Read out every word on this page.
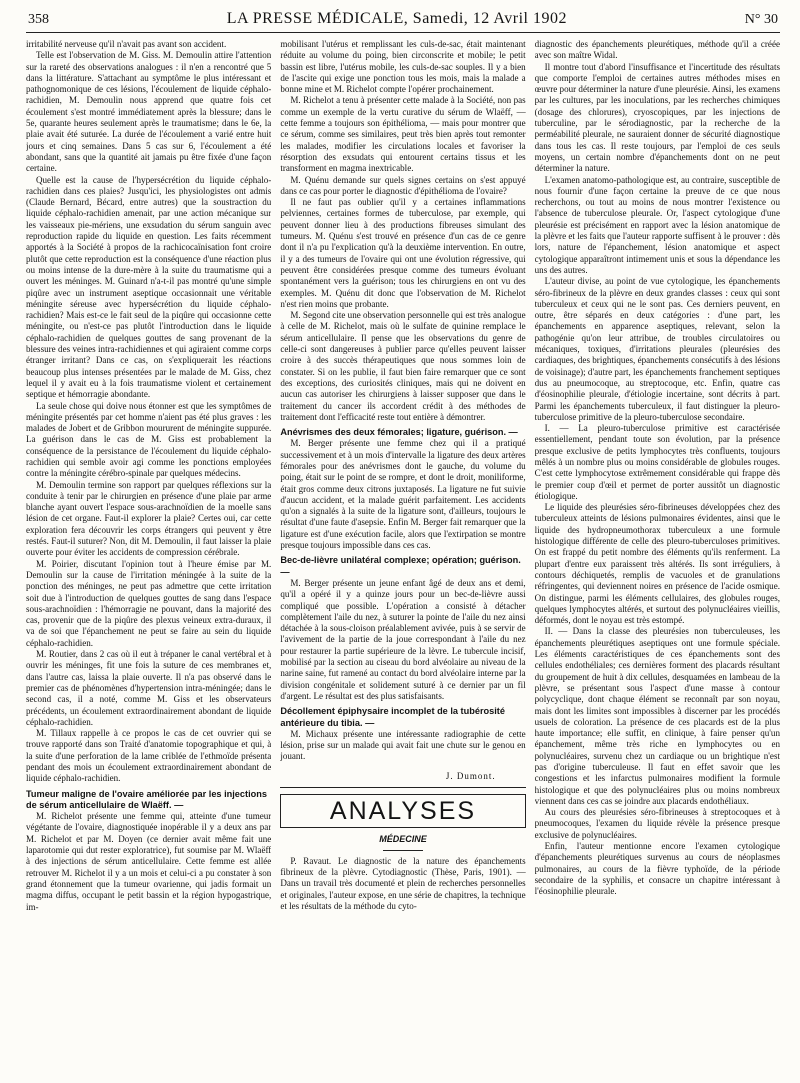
358	LA PRESSE MÉDICALE, Samedi, 12 Avril 1902	N° 30

irritabilité nerveuse qu'il n'avait pas avant son accident.

Telle est l'observation de M. Giss. M. Demoulin attire l'attention sur la rareté des observations analogues : il n'en a rencontré que 5 dans la littérature. S'attachant au symptôme le plus intéressant et pathognomonique de ces lésions, l'écoulement de liquide céphalo-rachidien, M. Demoulin nous apprend que quatre fois cet écoulement s'est montré immédiatement après la blessure; dans le 5e, quarante heures seulement après le traumatisme; dans le 6e, la plaie avait été suturée. La durée de l'écoulement a varié entre huit jours et cinq semaines. Dans 5 cas sur 6, l'écoulement a été abondant, sans que la quantité ait jamais pu être fixée d'une façon certaine.

Quelle est la cause de l'hypersécrétion du liquide céphalo-rachidien dans ces plaies? Jusqu'ici, les physiologistes ont admis (Claude Bernard, Bécard, entre autres) que la soustraction du liquide céphalo-rachidien amenait, par une action mécanique sur les vaisseaux pie-mériens, une exsudation du sérum sanguin avec reproduction rapide du liquide en question. Les faits récemment apportés à la Société à propos de la rachicocaïnisation font croire plutôt que cette reproduction est la conséquence d'une réaction plus ou moins intense de la dure-mère à la suite du traumatisme qui a ouvert les méninges. M. Guinard n'a-t-il pas montré qu'une simple piqûre avec un instrument aseptique occasionnait une véritable méningite séreuse avec hypersécrétion du liquide céphalo-rachidien? Mais est-ce le fait seul de la piqûre qui occasionne cette méningite, ou n'est-ce pas plutôt l'introduction dans le liquide céphalo-rachidien de quelques gouttes de sang provenant de la blessure des veines intra-rachidiennes et qui agiraient comme corps étranger irritant? Dans ce cas, on s'expliquerait les réactions beaucoup plus intenses présentées par le malade de M. Giss, chez lequel il y avait eu à la fois traumatisme violent et certainement septique et hémorragie abondante.

La seule chose qui doive nous étonner est que les symptômes de méningite présentés par cet homme n'aient pas été plus graves : les malades de Jobert et de Gribbon moururent de méningite suppurée. La guérison dans le cas de M. Giss est probablement la conséquence de la persistance de l'écoulement du liquide céphalo-rachidien qui semble avoir agi comme les ponctions employées contre la méningite cérébro-spinale par quelques médecins.

M. Demoulin termine son rapport par quelques réflexions sur la conduite à tenir par le chirurgien en présence d'une plaie par arme blanche ayant ouvert l'espace sous-arachnoïdien de la moelle sans lésion de cet organe. Faut-il explorer la plaie? Certes oui, car cette exploration fera découvrir les corps étrangers qui peuvent y être restés. Faut-il suturer? Non, dit M. Demoulin, il faut laisser la plaie ouverte pour éviter les accidents de compression cérébrale.

M. Poirier, discutant l'opinion tout à l'heure émise par M. Demoulin sur la cause de l'irritation méningée à la suite de la ponction des méninges, ne peut pas admettre que cette irritation soit due à l'introduction de quelques gouttes de sang dans l'espace sous-arachnoïdien : l'hémorragie ne pouvant, dans la majorité des cas, provenir que de la piqûre des plexus veineux extra-duraux, il va de soi que l'épanchement ne peut se faire au sein du liquide céphalo-rachidien.

M. Routier, dans 2 cas où il eut à trépaner le canal vertébral et à ouvrir les méninges, fit une fois la suture de ces membranes et, dans l'autre cas, laissa la plaie ouverte. Il n'a pas observé dans le premier cas de phénomènes d'hypertension intra-méningée; dans le second cas, il a noté, comme M. Giss et les observateurs précédents, un écoulement extraordinairement abondant de liquide céphalo-rachidien.

M. Tillaux rappelle à ce propos le cas de cet ouvrier qui se trouve rapporté dans son Traité d'anatomie topographique et qui, à la suite d'une perforation de la lame criblée de l'ethmoïde présenta pendant des mois un écoulement extraordinairement abondant de liquide céphalo-rachidien.

Tumeur maligne de l'ovaire améliorée par les injections de sérum anticellulaire de Wlaëff. —

M. Richelot présente une femme qui, atteinte d'une tumeur végétante de l'ovaire, diagnostiquée inopérable il y a deux ans par M. Richelot et par M. Doyen (ce dernier avait même fait une laparotomie qui dut rester exploratrice), fut soumise par M. Wlaëff à des injections de sérum anticellulaire. Cette femme est allée retrouver M. Richelot il y a un mois et celui-ci a pu constater à son grand étonnement que la tumeur ovarienne, qui jadis formait un magma diffus, occupant le petit bassin et la région hypogastrique, im-

mobilisant l'utérus et remplissant les culs-de-sac, était maintenant réduite au volume du poing, bien circonscrite et mobile; le petit bassin est libre, l'utérus mobile, les culs-de-sac souples. Il y a bien de l'ascite qui exige une ponction tous les mois, mais la malade a bonne mine et M. Richelot compte l'opérer prochainement.

M. Richelot a tenu à présenter cette malade à la Société, non pas comme un exemple de la vertu curative du sérum de Wlaëff, — cette femme a toujours son épithélioma, — mais pour montrer que ce sérum, comme ses similaires, peut très bien après tout remonter les malades, modifier les circulations locales et favoriser la résorption des exsudats qui entourent certains tissus et les transforment en magma inextricable.

M. Quénu demande sur quels signes certains on s'est appuyé dans ce cas pour porter le diagnostic d'épithélioma de l'ovaire?

Il ne faut pas oublier qu'il y a certaines inflammations pelviennes, certaines formes de tuberculose, par exemple, qui peuvent donner lieu à des productions fibreuses simulant des tumeurs. M. Quénu s'est trouvé en présence d'un cas de ce genre dont il n'a pu l'explication qu'à la deuxième intervention. En outre, il y a des tumeurs de l'ovaire qui ont une évolution régressive, qui peuvent être considérées presque comme des tumeurs évoluant spontanément vers la guérison; tous les chirurgiens en ont vu des exemples. M. Quénu dit donc que l'observation de M. Richelot n'est rien moins que probante.

M. Segond cite une observation personnelle qui est très analogue à celle de M. Richelot, mais où le sulfate de quinine remplace le sérum anticellulaire. Il pense que les observations du genre de celle-ci sont dangereuses à publier parce qu'elles peuvent laisser croire à des succès thérapeutiques que nous sommes loin de constater. Si on les publie, il faut bien faire remarquer que ce sont des exceptions, des curiosités cliniques, mais qui ne doivent en aucun cas autoriser les chirurgiens à laisser supposer que dans le traitement du cancer ils accordent crédit à des méthodes de traitement dont l'efficacité reste tout entière à démontrer.

Anévrismes des deux fémorales; ligature, guérison. —

M. Berger présente une femme chez qui il a pratiqué successivement et à un mois d'intervalle la ligature des deux artères fémorales pour des anévrismes dont le gauche, du volume du poing, était sur le point de se rompre, et dont le droit, moniliforme, était gros comme deux citrons juxtaposés. La ligature ne fut suivie d'aucun accident, et la malade guérit parfaitement. Les accidents qu'on a signalés à la suite de la ligature sont, d'ailleurs, toujours le résultat d'une faute d'asepsie. Enfin M. Berger fait remarquer que la ligature est d'une exécution facile, alors que l'extirpation se montre presque toujours impossible dans ces cas.

Bec-de-lièvre unilatéral complexe; opération; guérison. —

M. Berger présente un jeune enfant âgé de deux ans et demi, qu'il a opéré il y a quinze jours pour un bec-de-lièvre aussi compliqué que possible. L'opération a consisté à détacher complètement l'aile du nez, à suturer la pointe de l'aile du nez ainsi détachée à la sous-cloison préalablement avivée, puis à se servir de l'avivement de la partie de la joue correspondant à l'aile du nez pour restaurer la partie supérieure de la lèvre. Le tubercule incisif, mobilisé par la section au ciseau du bord alvéolaire au niveau de la narine saine, fut ramené au contact du bord alvéolaire interne par la division congénitale et solidement suturé à ce dernier par un fil d'argent. Le résultat est des plus satisfaisants.

Décollement épiphysaire incomplet de la tubérosité antérieure du tibia. —

M. Michaux présente une intéressante radiographie de cette lésion, prise sur un malade qui avait fait une chute sur le genou en jouant.

J. Dumont.
ANALYSES
MÉDECINE

P. Ravaut. Le diagnostic de la nature des épanchements fibrineux de la plèvre. Cytodiagnostic (Thèse, Paris, 1901). — Dans un travail très documenté et plein de recherches personnelles et originales, l'auteur expose, en une série de chapitres, la technique et les résultats de la méthode du cyto-

diagnostic des épanchements pleurétiques, méthode qu'il a créée avec son maître Widal.

Il montre tout d'abord l'insuffisance et l'incertitude des résultats que comporte l'emploi de certaines autres méthodes mises en œuvre pour déterminer la nature d'une pleurésie. Ainsi, les examens par les cultures, par les inoculations, par les recherches chimiques (dosage des chlorures), cryoscopiques, par les injections de tuberculine, par le sérodiagnostic, par la recherche de la perméabilité pleurale, ne sauraient donner de sécurité diagnostique dans tous les cas. Il reste toujours, par l'emploi de ces seuls moyens, un certain nombre d'épanchements dont on ne peut déterminer la nature.

L'examen anatomo-pathologique est, au contraire, susceptible de nous fournir d'une façon certaine la preuve de ce que nous recherchons, ou tout au moins de nous montrer l'existence ou l'absence de tuberculose pleurale. Or, l'aspect cytologique d'une pleurésie est précisément en rapport avec la lésion anatomique de la plèvre et les faits que l'auteur rapporte suffisent à le prouver : dès lors, nature de l'épanchement, lésion anatomique et aspect cytologique apparaîtront intimement unis et sous la dépendance les uns des autres.

L'auteur divise, au point de vue cytologique, les épanchements séro-fibrineux de la plèvre en deux grandes classes : ceux qui sont tuberculeux et ceux qui ne le sont pas. Ces derniers peuvent, en outre, être séparés en deux catégories : d'une part, les épanchements en apparence aseptiques, relevant, selon la pathogénie qu'on leur attribue, de troubles circulatoires ou mécaniques, toxiques, d'irritations pleurales (pleurésies des cardiaques, des brightiques, épanchements consécutifs à des lésions de voisinage); d'autre part, les épanchements franchement septiques dus au pneumocoque, au streptocoque, etc. Enfin, quatre cas d'éosinophilie pleurale, d'étiologie incertaine, sont décrits à part. Parmi les épanchements tuberculeux, il faut distinguer la pleuro-tuberculose primitive de la pleuro-tuberculose secondaire.

I. — La pleuro-tuberculose primitive est caractérisée essentiellement, pendant toute son évolution, par la présence presque exclusive de petits lymphocytes très confluents, toujours mêlés à un nombre plus ou moins considérable de globules rouges. C'est cette lymphocytose extrêmement considérable qui frappe dès le premier coup d'œil et permet de porter aussitôt un diagnostic étiologique.

Le liquide des pleurésies séro-fibrineuses développées chez des tuberculeux atteints de lésions pulmonaires évidentes, ainsi que le liquide des hydropneumothorax tuberculeux a une formule histologique différente de celle des pleuro-tuberculoses primitives. On est frappé du petit nombre des éléments qu'ils renferment. La plupart d'entre eux paraissent très altérés. Ils sont irréguliers, à contours déchiquetés, remplis de vacuoles et de granulations réfringentes, qui deviennent noires en présence de l'acide osmique. On distingue, parmi les éléments cellulaires, des globules rouges, quelques lymphocytes altérés, et surtout des polynucléaires vieillis, déformés, dont le noyau est très estompé.

II. — Dans la classe des pleurésies non tuberculeuses, les épanchements pleurétiques aseptiques ont une formule spéciale. Les éléments caractéristiques de ces épanchements sont des cellules endothéliales; ces dernières forment des placards résultant du groupement de huit à dix cellules, desquamées en lambeau de la plèvre, se présentant sous l'aspect d'une masse à contour polycyclique, dont chaque élément se reconnaît par son noyau, mais dont les limites sont impossibles à discerner par les procédés usuels de coloration. La présence de ces placards est de la plus haute importance; elle suffit, en clinique, à faire penser qu'un épanchement, même très riche en lymphocytes ou en polynucléaires, survenu chez un cardiaque ou un brightique n'est pas d'origine tuberculeuse. Il faut en effet savoir que les congestions et les infarctus pulmonaires modifient la formule histologique et que des polynucléaires plus ou moins nombreux viennent dans ces cas se joindre aux placards endothéliaux.

Au cours des pleurésies séro-fibrineuses à streptocoques et à pneumocoques, l'examen du liquide révèle la présence presque exclusive de polynucléaires.

Enfin, l'auteur mentionne encore l'examen cytologique d'épanchements pleurétiques survenus au cours de néoplasmes pulmonaires, au cours de la fièvre typhoïde, de la période secondaire de la syphilis, et consacre un chapitre intéressant à l'éosinophilie pleurale.
